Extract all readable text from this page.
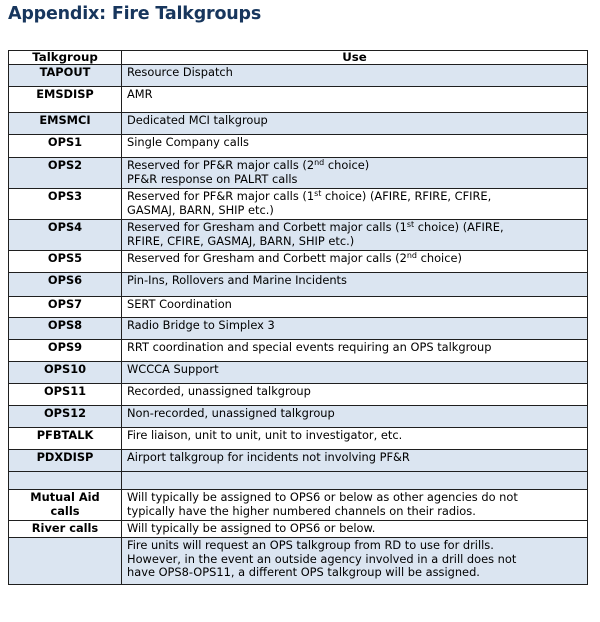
Appendix: Fire Talkgroups
Talkgroup	Use

TAPOUT	Resource Dispatch

EMSDISP	AMR

EMSMCI	Dedicated MCI talkgroup

OPS1	Single Company calls

OPS2	Reserved for PF&R major calls (2nd choice)
PF&R response on PALRT calls

OPS3	Reserved for PF&R major calls (1st choice) (AFIRE, RFIRE, CFIRE,
GASMAJ, BARN, SHIP etc.)

OPS4	Reserved for Gresham and Corbett major calls (1st choice) (AFIRE,
RFIRE, CFIRE, GASMAJ, BARN, SHIP etc.)

OPS5	Reserved for Gresham and Corbett major calls (2nd choice)

OPS6	Pin-Ins, Rollovers and Marine Incidents

OPS7	SERT Coordination

OPS8	Radio Bridge to Simplex 3

OPS9	RRT coordination and special events requiring an OPS talkgroup

OPS10	WCCCA Support

OPS11	Recorded, unassigned talkgroup

OPS12	Non-recorded, unassigned talkgroup

PFBTALK	Fire liaison, unit to unit, unit to investigator, etc.

PDXDISP	Airport talkgroup for incidents not involving PF&R

Mutual Aid
calls	Will typically be assigned to OPS6 or below as other agencies do not
typically have the higher numbered channels on their radios.

River calls	Will typically be assigned to OPS6 or below.

	Fire units will request an OPS talkgroup from RD to use for drills.
However, in the event an outside agency involved in a drill does not
have OPS8-OPS11, a different OPS talkgroup will be assigned.
